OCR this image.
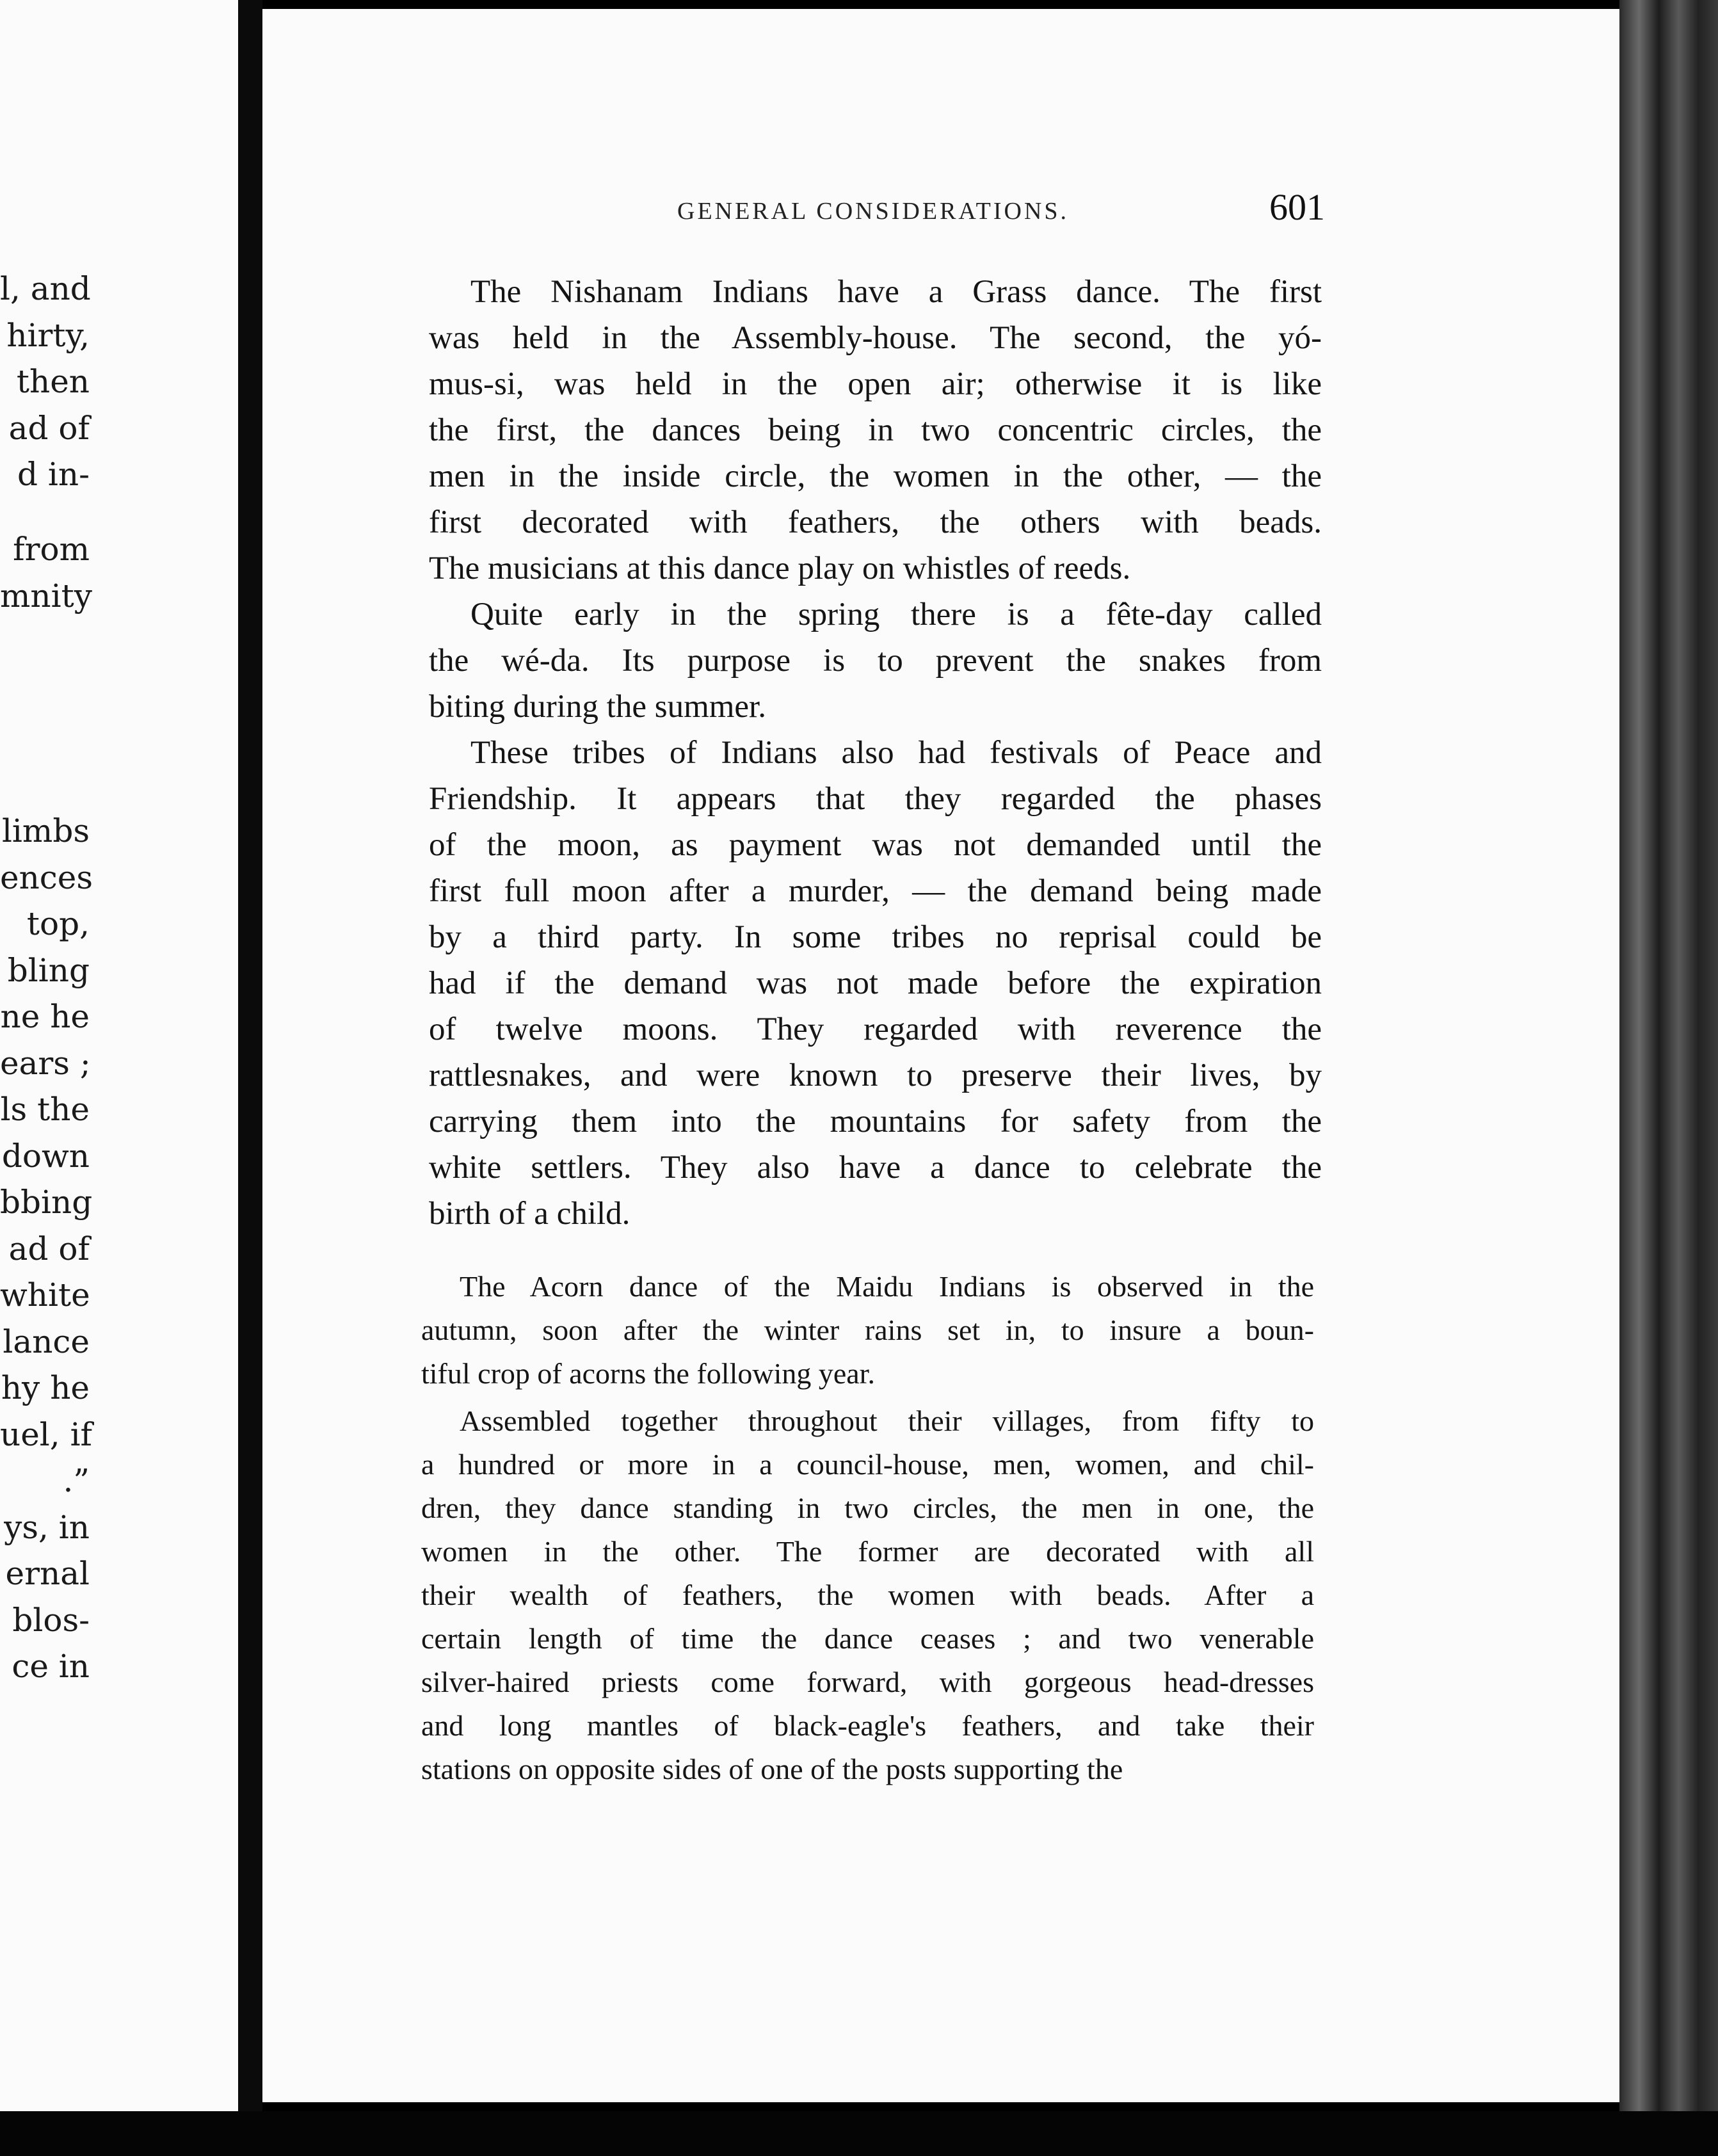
l, and
hirty,
then
ad of
d in-
from
mnity
limbs
ences
top,
bling
ne he
ears ;
ls the
down
bbing
ad of
white
lance
hy he
uel, if
.”
ys, in
ernal
blos-
ce in
GENERAL CONSIDERATIONS.	601

The Nishanam Indians have a Grass dance. The first
was held in the Assembly-house. The second, the yó-
mus-si, was held in the open air; otherwise it is like
the first, the dances being in two concentric circles, the
men in the inside circle, the women in the other, — the
first decorated with feathers, the others with beads.
The musicians at this dance play on whistles of reeds.

Quite early in the spring there is a fête-day called
the wé-da. Its purpose is to prevent the snakes from
biting during the summer.

These tribes of Indians also had festivals of Peace and
Friendship. It appears that they regarded the phases
of the moon, as payment was not demanded until the
first full moon after a murder, — the demand being made
by a third party. In some tribes no reprisal could be
had if the demand was not made before the expiration
of twelve moons. They regarded with reverence the
rattlesnakes, and were known to preserve their lives, by
carrying them into the mountains for safety from the
white settlers. They also have a dance to celebrate the
birth of a child.

The Acorn dance of the Maidu Indians is observed in the
autumn, soon after the winter rains set in, to insure a boun-
tiful crop of acorns the following year.

Assembled together throughout their villages, from fifty to
a hundred or more in a council-house, men, women, and chil-
dren, they dance standing in two circles, the men in one, the
women in the other. The former are decorated with all
their wealth of feathers, the women with beads. After a
certain length of time the dance ceases ; and two venerable
silver-haired priests come forward, with gorgeous head-dresses
and long mantles of black-eagle's feathers, and take their
stations on opposite sides of one of the posts supporting the
